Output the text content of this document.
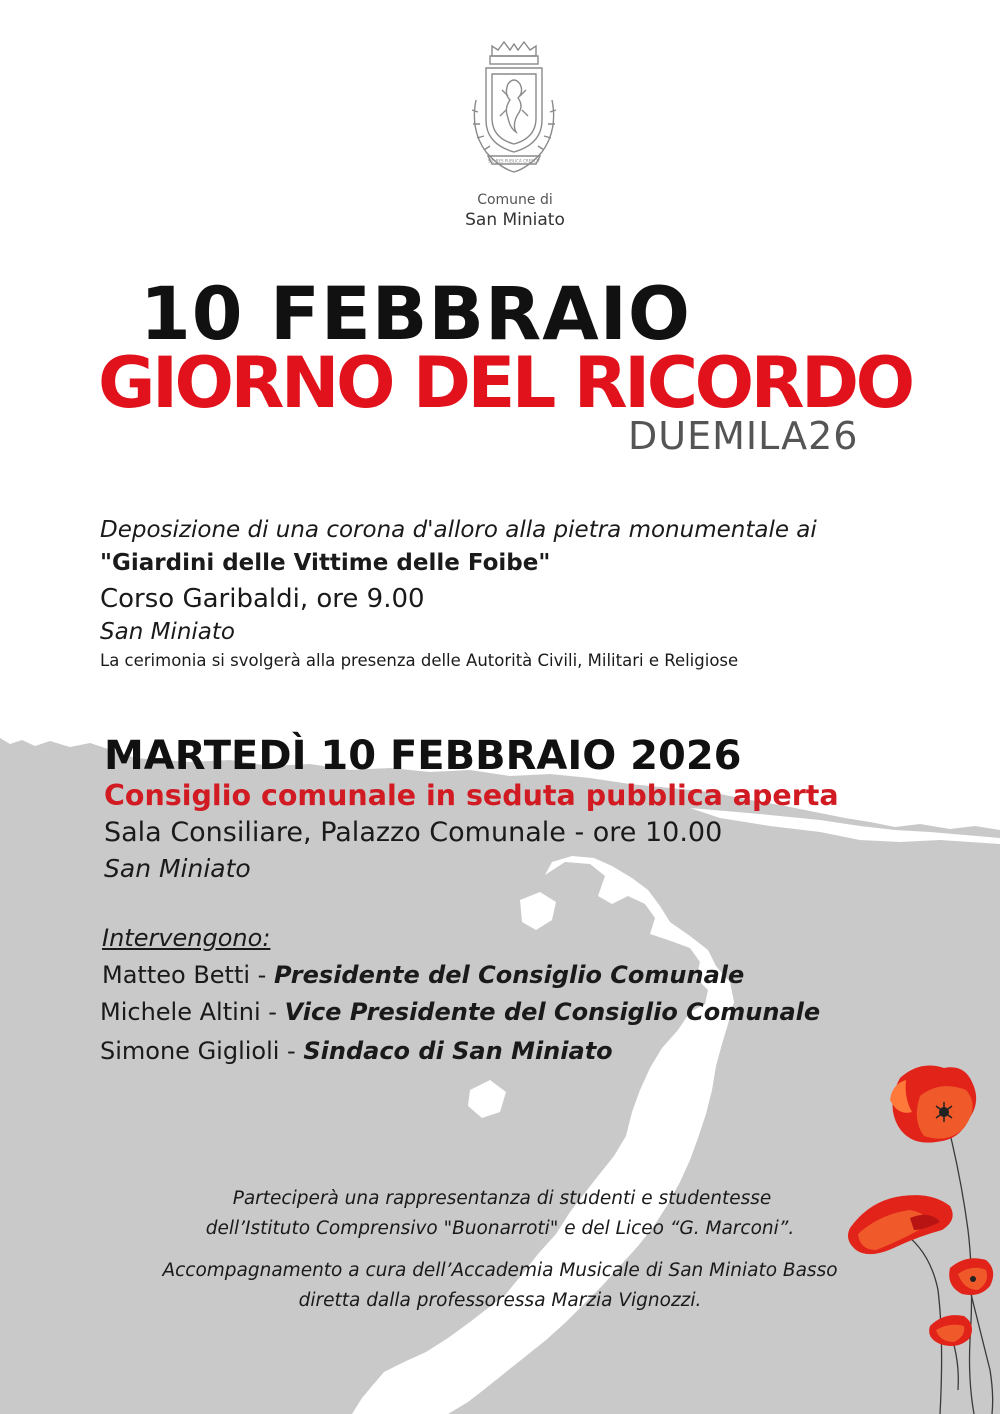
SIC RES PUBLICA CRESCIT

Comune di

San Miniato

10 FEBBRAIO
GIORNO DEL RICORDO
DUEMILA26
Deposizione di una corona d'alloro alla pietra monumentale ai
"Giardini delle Vittime delle Foibe"
Corso Garibaldi, ore 9.00
San Miniato
La cerimonia si svolgerà alla presenza delle Autorità Civili, Militari e Religiose
MARTEDÌ 10 FEBBRAIO 2026
Consiglio comunale in seduta pubblica aperta
Sala Consiliare, Palazzo Comunale - ore 10.00
San Miniato
Intervengono:
Matteo Betti - Presidente del Consiglio Comunale
Michele Altini - Vice Presidente del Consiglio Comunale
Simone Giglioli - Sindaco di San Miniato
Parteciperà una rappresentanza di studenti e studentesse
dell’Istituto Comprensivo "Buonarroti" e del Liceo “G. Marconi”.
Accompagnamento a cura dell’Accademia Musicale di San Miniato Basso
diretta dalla professoressa Marzia Vignozzi.
